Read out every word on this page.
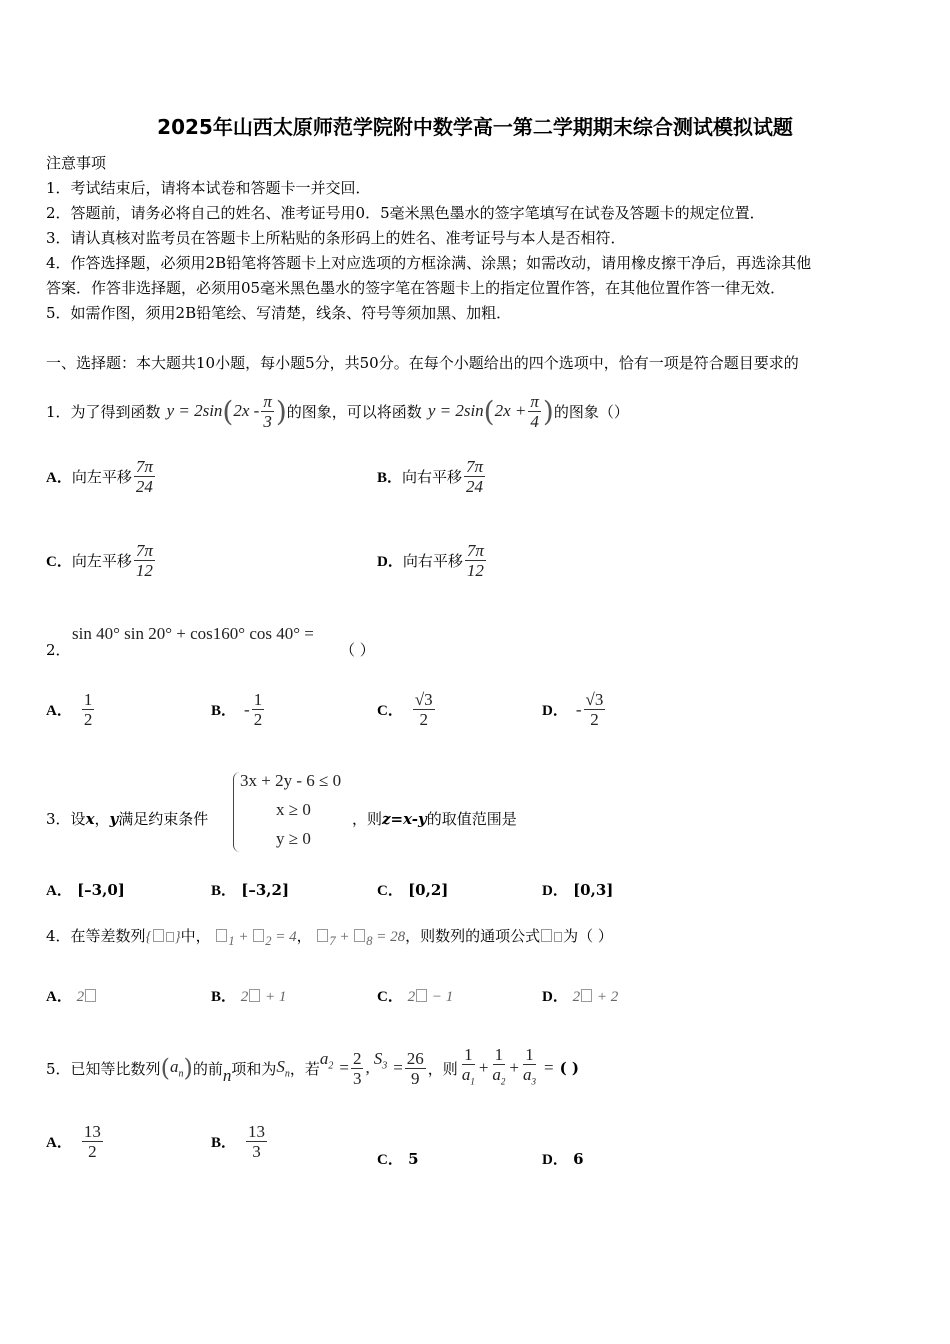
2025年山西太原师范学院附中数学高一第二学期期末综合测试模拟试题
注意事项
1．考试结束后，请将本试卷和答题卡一并交回．
2．答题前，请务必将自己的姓名、准考证号用0．5毫米黑色墨水的签字笔填写在试卷及答题卡的规定位置．
3．请认真核对监考员在答题卡上所粘贴的条形码上的姓名、准考证号与本人是否相符．
4．作答选择题，必须用2B铅笔将答题卡上对应选项的方框涂满、涂黑；如需改动，请用橡皮擦干净后，再选涂其他
答案．作答非选择题，必须用05毫米黑色墨水的签字笔在答题卡上的指定位置作答，在其他位置作答一律无效．
5．如需作图，须用2B铅笔绘、写清楚，线条、符号等须加黑、加粗．
一、选择题：本大题共10小题，每小题5分，共50分。在每个小题给出的四个选项中，恰有一项是符合题目要求的
1． 为了得到函数 y = 2sin ( $2x - \frac{\pi}{3}$ ) 的图象，可以将函数 y = 2sin ( $2x + \frac{\pi}{4}$ ) 的图象（）
A． 向左平移 $\frac{7\pi}{24}$	B． 向右平移 $\frac{7\pi}{24}$
C． 向左平移 $\frac{7\pi}{12}$	D． 向右平移 $\frac{7\pi}{12}$
2．
sin 40° sin 20° + cos160° cos 40° =
（ ）
A． $\frac{1}{2}$	B． - $\frac{1}{2}$	C． $\frac{√3}{2}$	D． - $\frac{√3}{2}$
3．设x，y满足约束条件
3x + 2y - 6 ≤ 0
x ≥ 0
y ≥ 0
，则z=x-y的取值范围是
A． [–3,0]	B． [–3,2]	C． [0,2]	D． [0,3]
4．在等差数列{ }中， $_1$ + $_2$ = 4， $_7$ + $_8$ = 28，则数列的通项公式 为（ ）
A． 2	B． 2 + 1	C． 2 − 1	D． 2 + 2
5． 已知等比数列 ( $a_n$ ) 的前 n 项和为 $S_n$ ，若
$a_2 = \frac{2}{3}$ , $S_3 = \frac{26}{9}$ ，则 $\frac{1}{a_1} + \frac{1}{a_2} + \frac{1}{a_3}$ = ( )
A． $\frac{13}{2}$	B． $\frac{13}{3}$	C． 5	D． 6
